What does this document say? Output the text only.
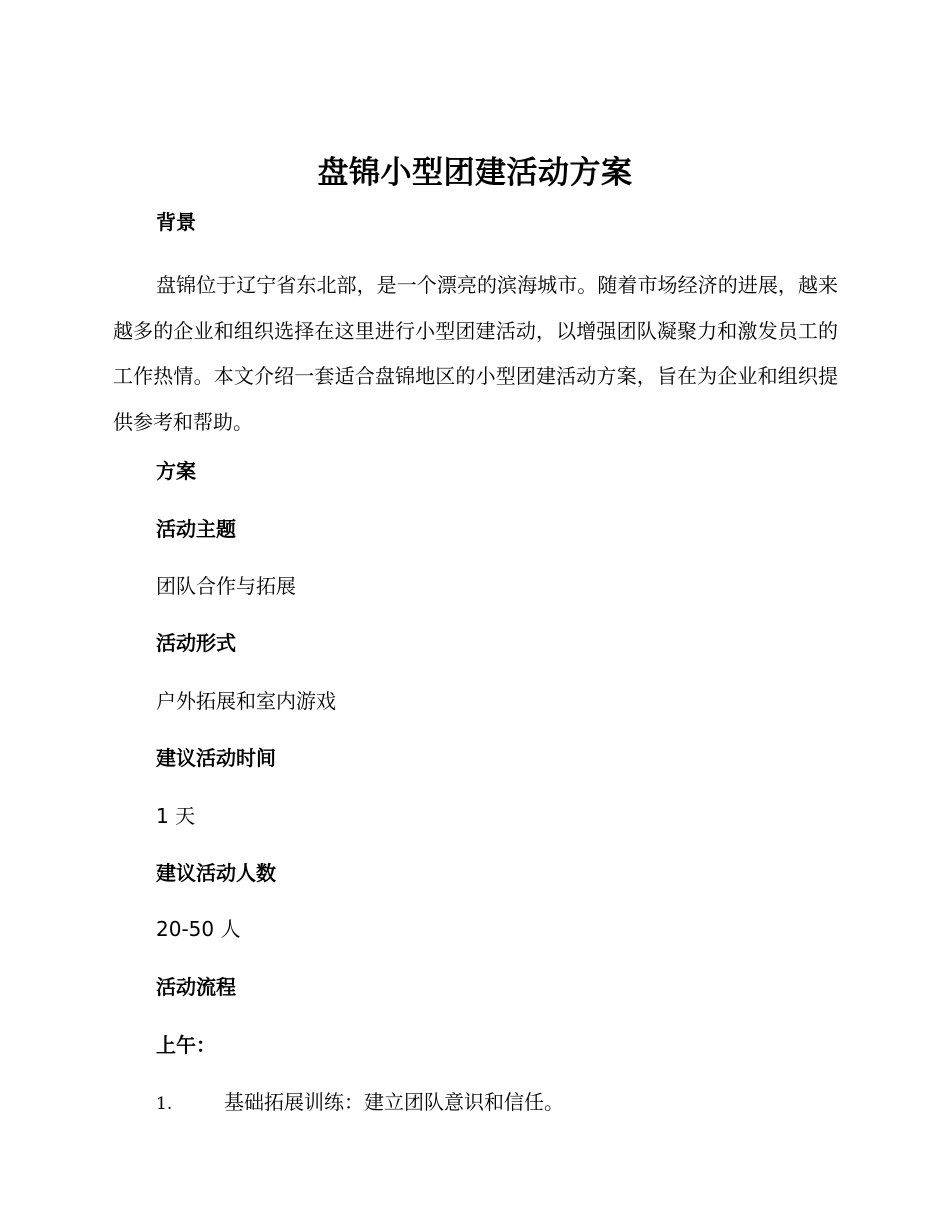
盘锦小型团建活动方案
背景

盘锦位于辽宁省东北部，是一个漂亮的滨海城市。随着市场经济的进展，越来越多的企业和组织选择在这里进行小型团建活动，以增强团队凝聚力和激发员工的工作热情。本文介绍一套适合盘锦地区的小型团建活动方案，旨在为企业和组织提供参考和帮助。

方案
活动主题
团队合作与拓展
活动形式
户外拓展和室内游戏
建议活动时间
1 天
建议活动人数
20-50 人
活动流程
上午：
1.	基础拓展训练：建立团队意识和信任。
